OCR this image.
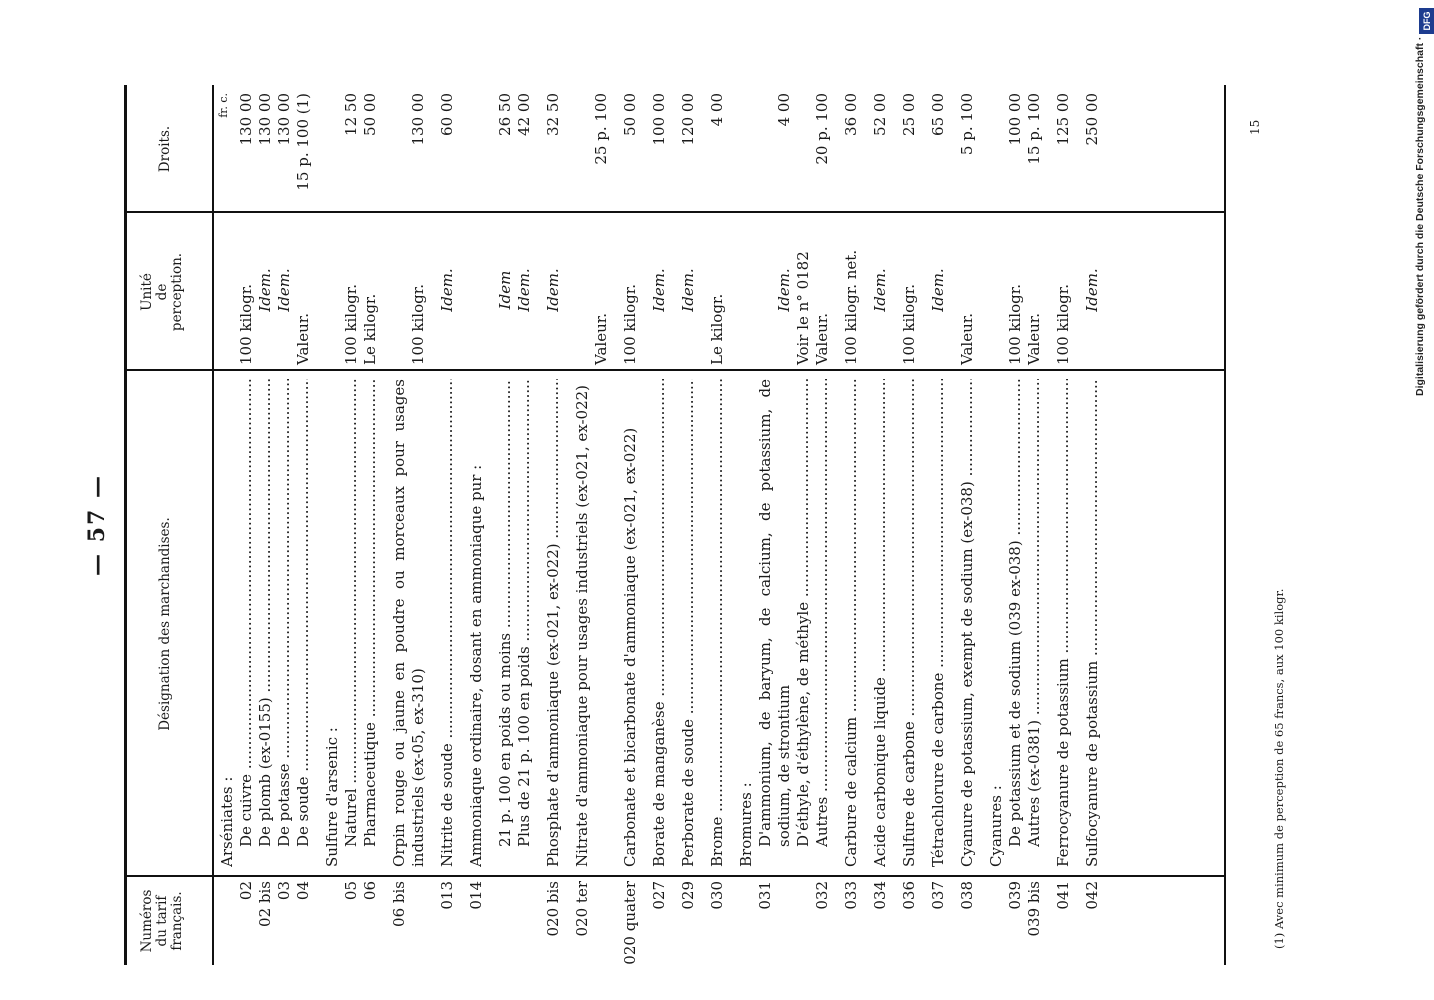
— 57 —
Numéros du tarif français.
Désignation des marchandises.
Unité de perception.
Droits.
fr. c.
Arséniates :
02
De cuivre .....
100 kilogr.
130 00
02 bis
De plomb (ex-0155) .....
Idem.
130 00
03
De potasse .....
Idem.
130 00
04
De soude .....
Valeur.
15 p. 100 (1)
Sulfure d'arsenic :
05
Naturel .....
100 kilogr.
12 50
06
Pharmaceutique .....
Le kilogr.
50 00
06 bis
Orpin rouge ou jaune en poudre ou morceaux pour usages industriels (ex-05, ex-310)
100 kilogr.
130 00
013
Nitrite de soude .....
Idem.
60 00
014
Ammoniaque ordinaire, dosant en ammoniaque pur : 21 p. 100 en poids ou moins .....
Idem
26 50
Plus de 21 p. 100 en poids .....
Idem.
42 00
020 bis
Phosphate d'ammoniaque (ex-021, ex-022) .....
Idem.
32 50
020 ter
Nitrate d'ammoniaque pour usages industriels (ex-021, ex-022)
Valeur.
25 p. 100
020 quater
Carbonate et bicarbonate d'ammoniaque (ex-021, ex-022)
100 kilogr.
50 00
027
Borate de manganèse .....
Idem.
100 00
029
Perborate de soude .....
Idem.
120 00
030
Brome .....
Le kilogr.
4 00
Bromures :
031
D'ammonium, de baryum, de calcium, de potassium, de sodium, de strontium
Idem.
4 00
D'éthyle, d'éthylène, de méthyle .....
Voir le n° 0182
032
Autres .....
Valeur.
20 p. 100
033
Carbure de calcium .....
100 kilogr. net.
36 00
034
Acide carbonique liquide .....
Idem.
52 00
036
Sulfure de carbone .....
100 kilogr.
25 00
037
Tétrachlorure de carbone .....
Idem.
65 00
038
Cyanure de potassium, exempt de sodium (ex-038) .....
Valeur.
5 p. 100
Cyanures :
039
De potassium et de sodium (039 ex-038) .....
100 kilogr.
100 00
039 bis
Autres (ex-0381) .....
Valeur.
15 p. 100
041
Ferrocyanure de potassium .....
100 kilogr.
125 00
042
Sulfocyanure de potassium .....
Idem.
250 00	15
(1) Avec minimum de perception de 65 francs, aux 100 kilogr.
Digitalisierung gefördert durch die Deutsche Forschungsgemeinschaft ·
DFG
